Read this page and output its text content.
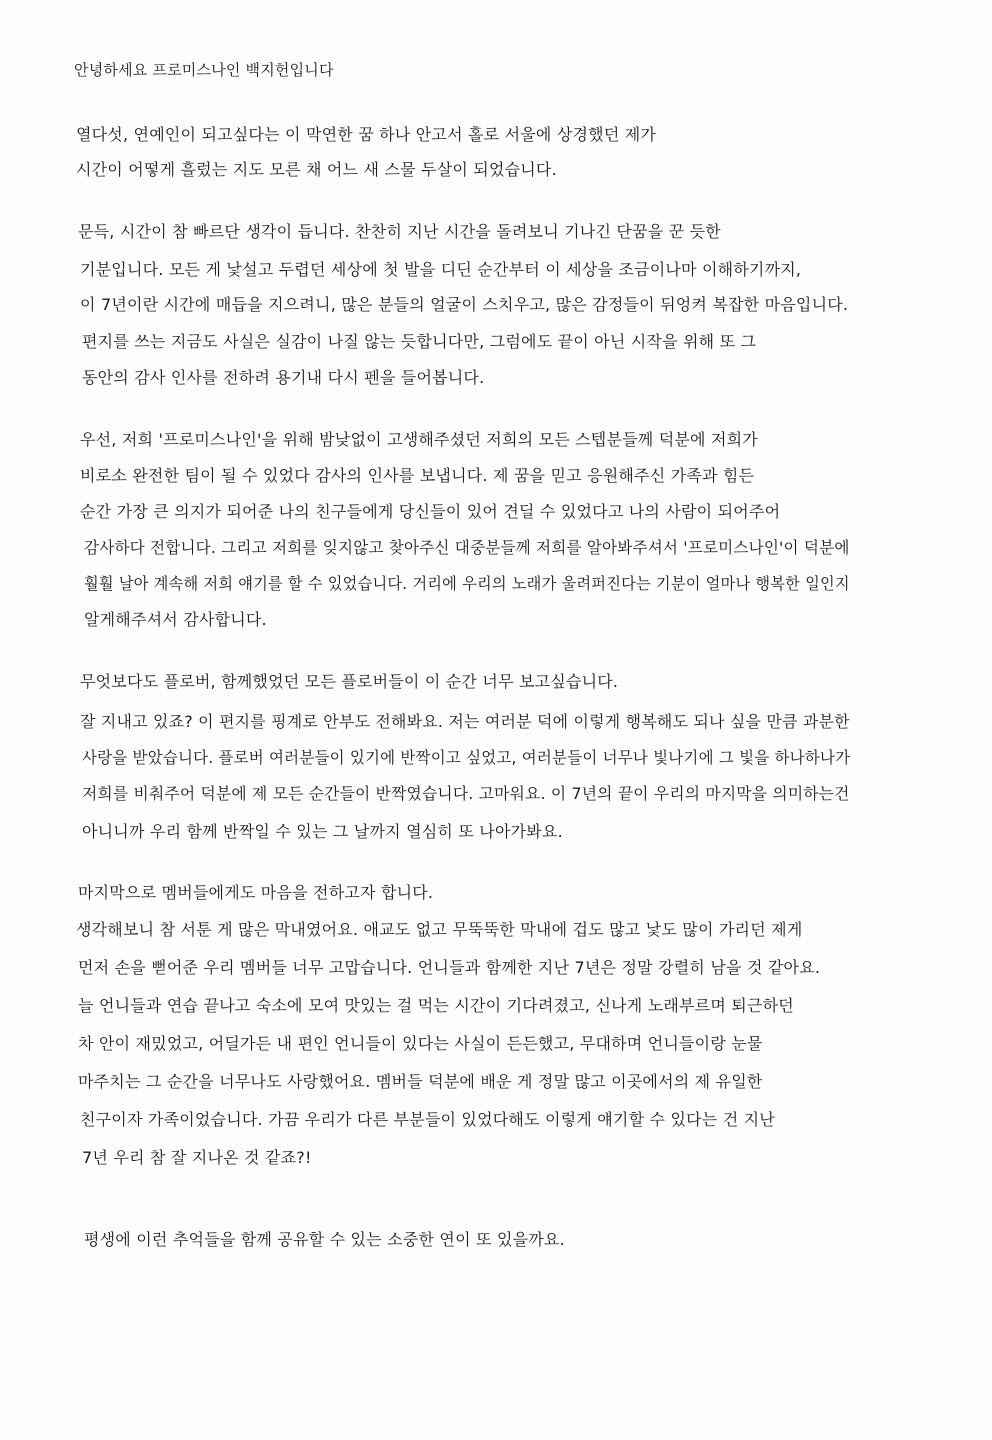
안녕하세요 프로미스나인 백지헌입니다
열다섯, 연예인이 되고싶다는 이 막연한 꿈 하나 안고서 홀로 서울에 상경했던 제가
시간이 어떻게 흘렀는 지도 모른 채 어느 새 스물 두살이 되었습니다.
문득, 시간이 참 빠르단 생각이 듭니다. 찬찬히 지난 시간을 돌려보니 기나긴 단꿈을 꾼 듯한
기분입니다. 모든 게 낯설고 두렵던 세상에 첫 발을 디딘 순간부터 이 세상을 조금이나마 이해하기까지,
이 7년이란 시간에 매듭을 지으려니, 많은 분들의 얼굴이 스치우고, 많은 감정들이 뒤엉켜 복잡한 마음입니다.
편지를 쓰는 지금도 사실은 실감이 나질 않는 듯합니다만, 그럼에도 끝이 아닌 시작을 위해 또 그
동안의 감사 인사를 전하려 용기내 다시 펜을 들어봅니다.
우선, 저희 '프로미스나인'을 위해 밤낮없이 고생해주셨던 저희의 모든 스텝분들께 덕분에 저희가
비로소 완전한 팀이 될 수 있었다 감사의 인사를 보냅니다. 제 꿈을 믿고 응원해주신 가족과 힘든
순간 가장 큰 의지가 되어준 나의 친구들에게 당신들이 있어 견딜 수 있었다고 나의 사람이 되어주어
감사하다 전합니다. 그리고 저희를 잊지않고 찾아주신 대중분들께 저희를 알아봐주셔서 '프로미스나인'이 덕분에
훨훨 날아 계속해 저희 얘기를 할 수 있었습니다. 거리에 우리의 노래가 울려퍼진다는 기분이 얼마나 행복한 일인지
알게해주셔서 감사합니다.
무엇보다도 플로버, 함께했었던 모든 플로버들이 이 순간 너무 보고싶습니다.
잘 지내고 있죠? 이 편지를 핑계로 안부도 전해봐요. 저는 여러분 덕에 이렇게 행복해도 되나 싶을 만큼 과분한
사랑을 받았습니다. 플로버 여러분들이 있기에 반짝이고 싶었고, 여러분들이 너무나 빛나기에 그 빛을 하나하나가
저희를 비춰주어 덕분에 제 모든 순간들이 반짝였습니다. 고마워요. 이 7년의 끝이 우리의 마지막을 의미하는건
아니니까 우리 함께 반짝일 수 있는 그 날까지 열심히 또 나아가봐요.
마지막으로 멤버들에게도 마음을 전하고자 합니다.
생각해보니 참 서툰 게 많은 막내였어요. 애교도 없고 무뚝뚝한 막내에 겁도 많고 낯도 많이 가리던 제게
먼저 손을 뻗어준 우리 멤버들 너무 고맙습니다. 언니들과 함께한 지난 7년은 정말 강렬히 남을 것 같아요.
늘 언니들과 연습 끝나고 숙소에 모여 맛있는 걸 먹는 시간이 기다려졌고, 신나게 노래부르며 퇴근하던
차 안이 재밌었고, 어딜가든 내 편인 언니들이 있다는 사실이 든든했고, 무대하며 언니들이랑 눈물
마주치는 그 순간을 너무나도 사랑했어요. 멤버들 덕분에 배운 게 정말 많고 이곳에서의 제 유일한
친구이자 가족이었습니다. 가끔 우리가 다른 부분들이 있었다해도 이렇게 얘기할 수 있다는 건 지난
7년 우리 참 잘 지나온 것 같죠?!
평생에 이런 추억들을 함께 공유할 수 있는 소중한 연이 또 있을까요.
